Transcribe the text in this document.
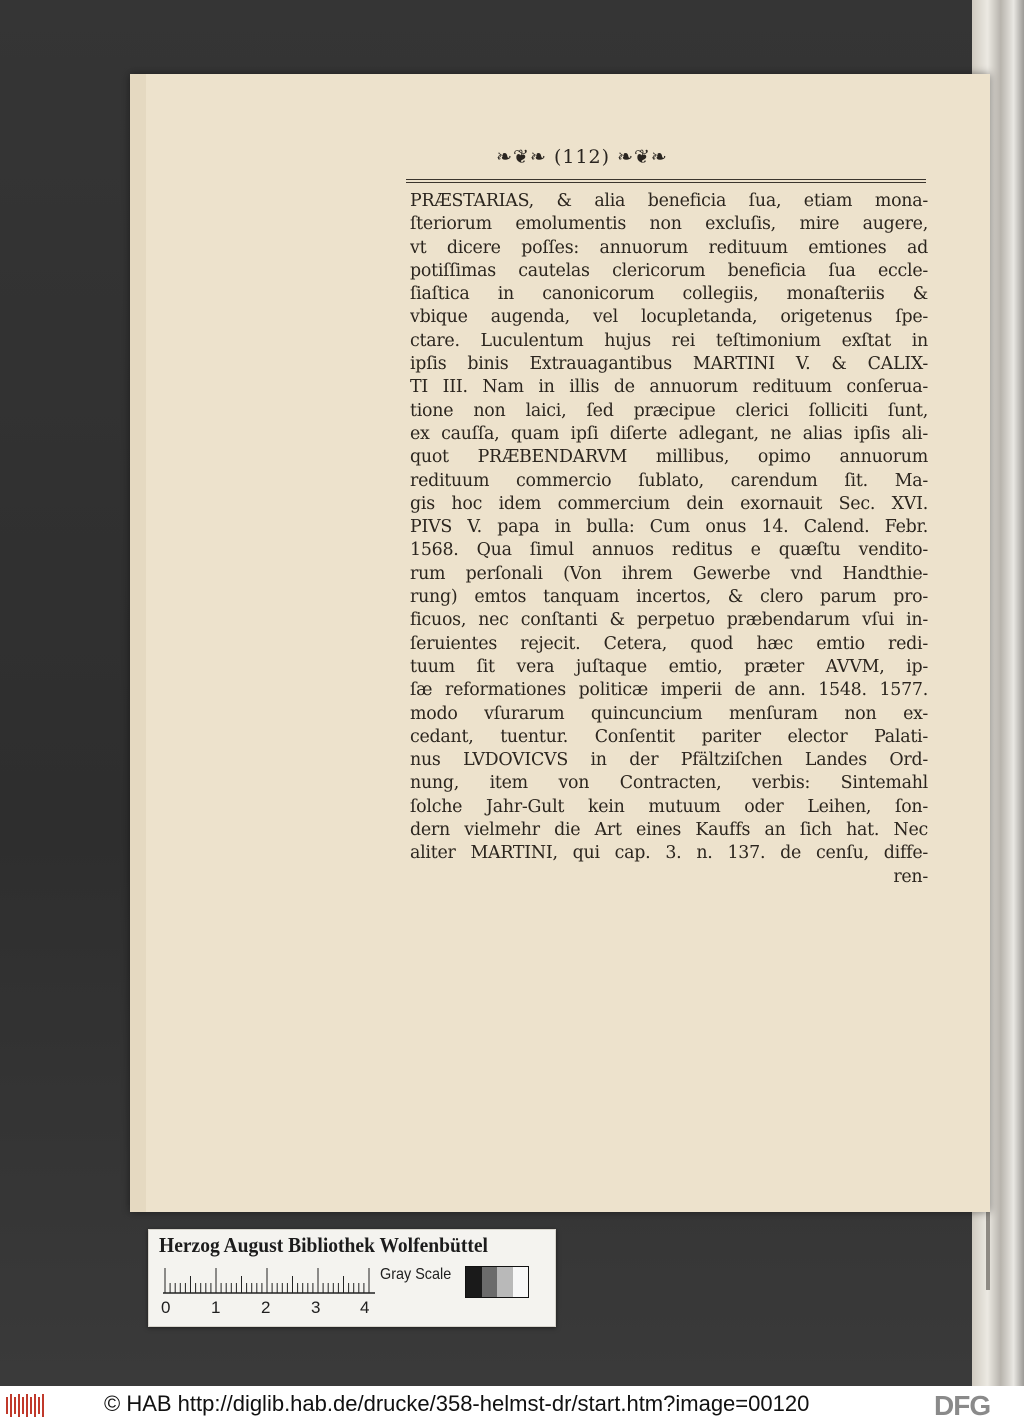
❧❦❧ (112) ❧❦❧
PRÆSTARIAS, & alia beneficia ſua, etiam mona-
ſteriorum emolumentis non excluſis, mire augere,
vt dicere poſſes: annuorum redituum emtiones ad
potiſſimas cautelas clericorum beneficia ſua eccle-
ſiaſtica in canonicorum collegiis, monaſteriis &
vbique augenda, vel locupletanda, origetenus ſpe-
ctare. Luculentum hujus rei teſtimonium exſtat in
ipſis binis Extrauagantibus MARTINI V. & CALIX-
TI III. Nam in illis de annuorum redituum conſerua-
tione non laici, ſed præcipue clerici ſolliciti ſunt,
ex cauſſa, quam ipſi diſerte adlegant, ne alias ipſis ali-
quot PRÆBENDARVM millibus, opimo annuorum
redituum commercio ſublato, carendum ſit. Ma-
gis hoc idem commercium dein exornauit Sec. XVI.
PIVS V. papa in bulla: Cum onus 14. Calend. Febr.
1568. Qua ſimul annuos reditus e quæſtu vendito-
rum perſonali (Von ihrem Gewerbe vnd Handthie-
rung) emtos tanquam incertos, & clero parum pro-
ficuos, nec conſtanti & perpetuo præbendarum vſui in-
ſeruientes rejecit. Cetera, quod hæc emtio redi-
tuum ſit vera juſtaque emtio, præter AVVM, ip-
ſæ reformationes politicæ imperii de ann. 1548. 1577.
modo vſurarum quincuncium menſuram non ex-
cedant, tuentur. Conſentit pariter elector Palati-
nus LVDOVICVS in der Pfältziſchen Landes Ord-
nung, item von Contracten, verbis: Sintemahl
ſolche Jahr-Gult kein mutuum oder Leihen, ſon-
dern vielmehr die Art eines Kauffs an ſich hat. Nec
aliter MARTINI, qui cap. 3. n. 137. de cenſu, diffe-
ren-
Herzog August Bibliothek Wolfenbüttel
0 1 2 3 4
Gray Scale
© HAB http://diglib.hab.de/drucke/358-helmst-dr/start.htm?image=00120	DFG
